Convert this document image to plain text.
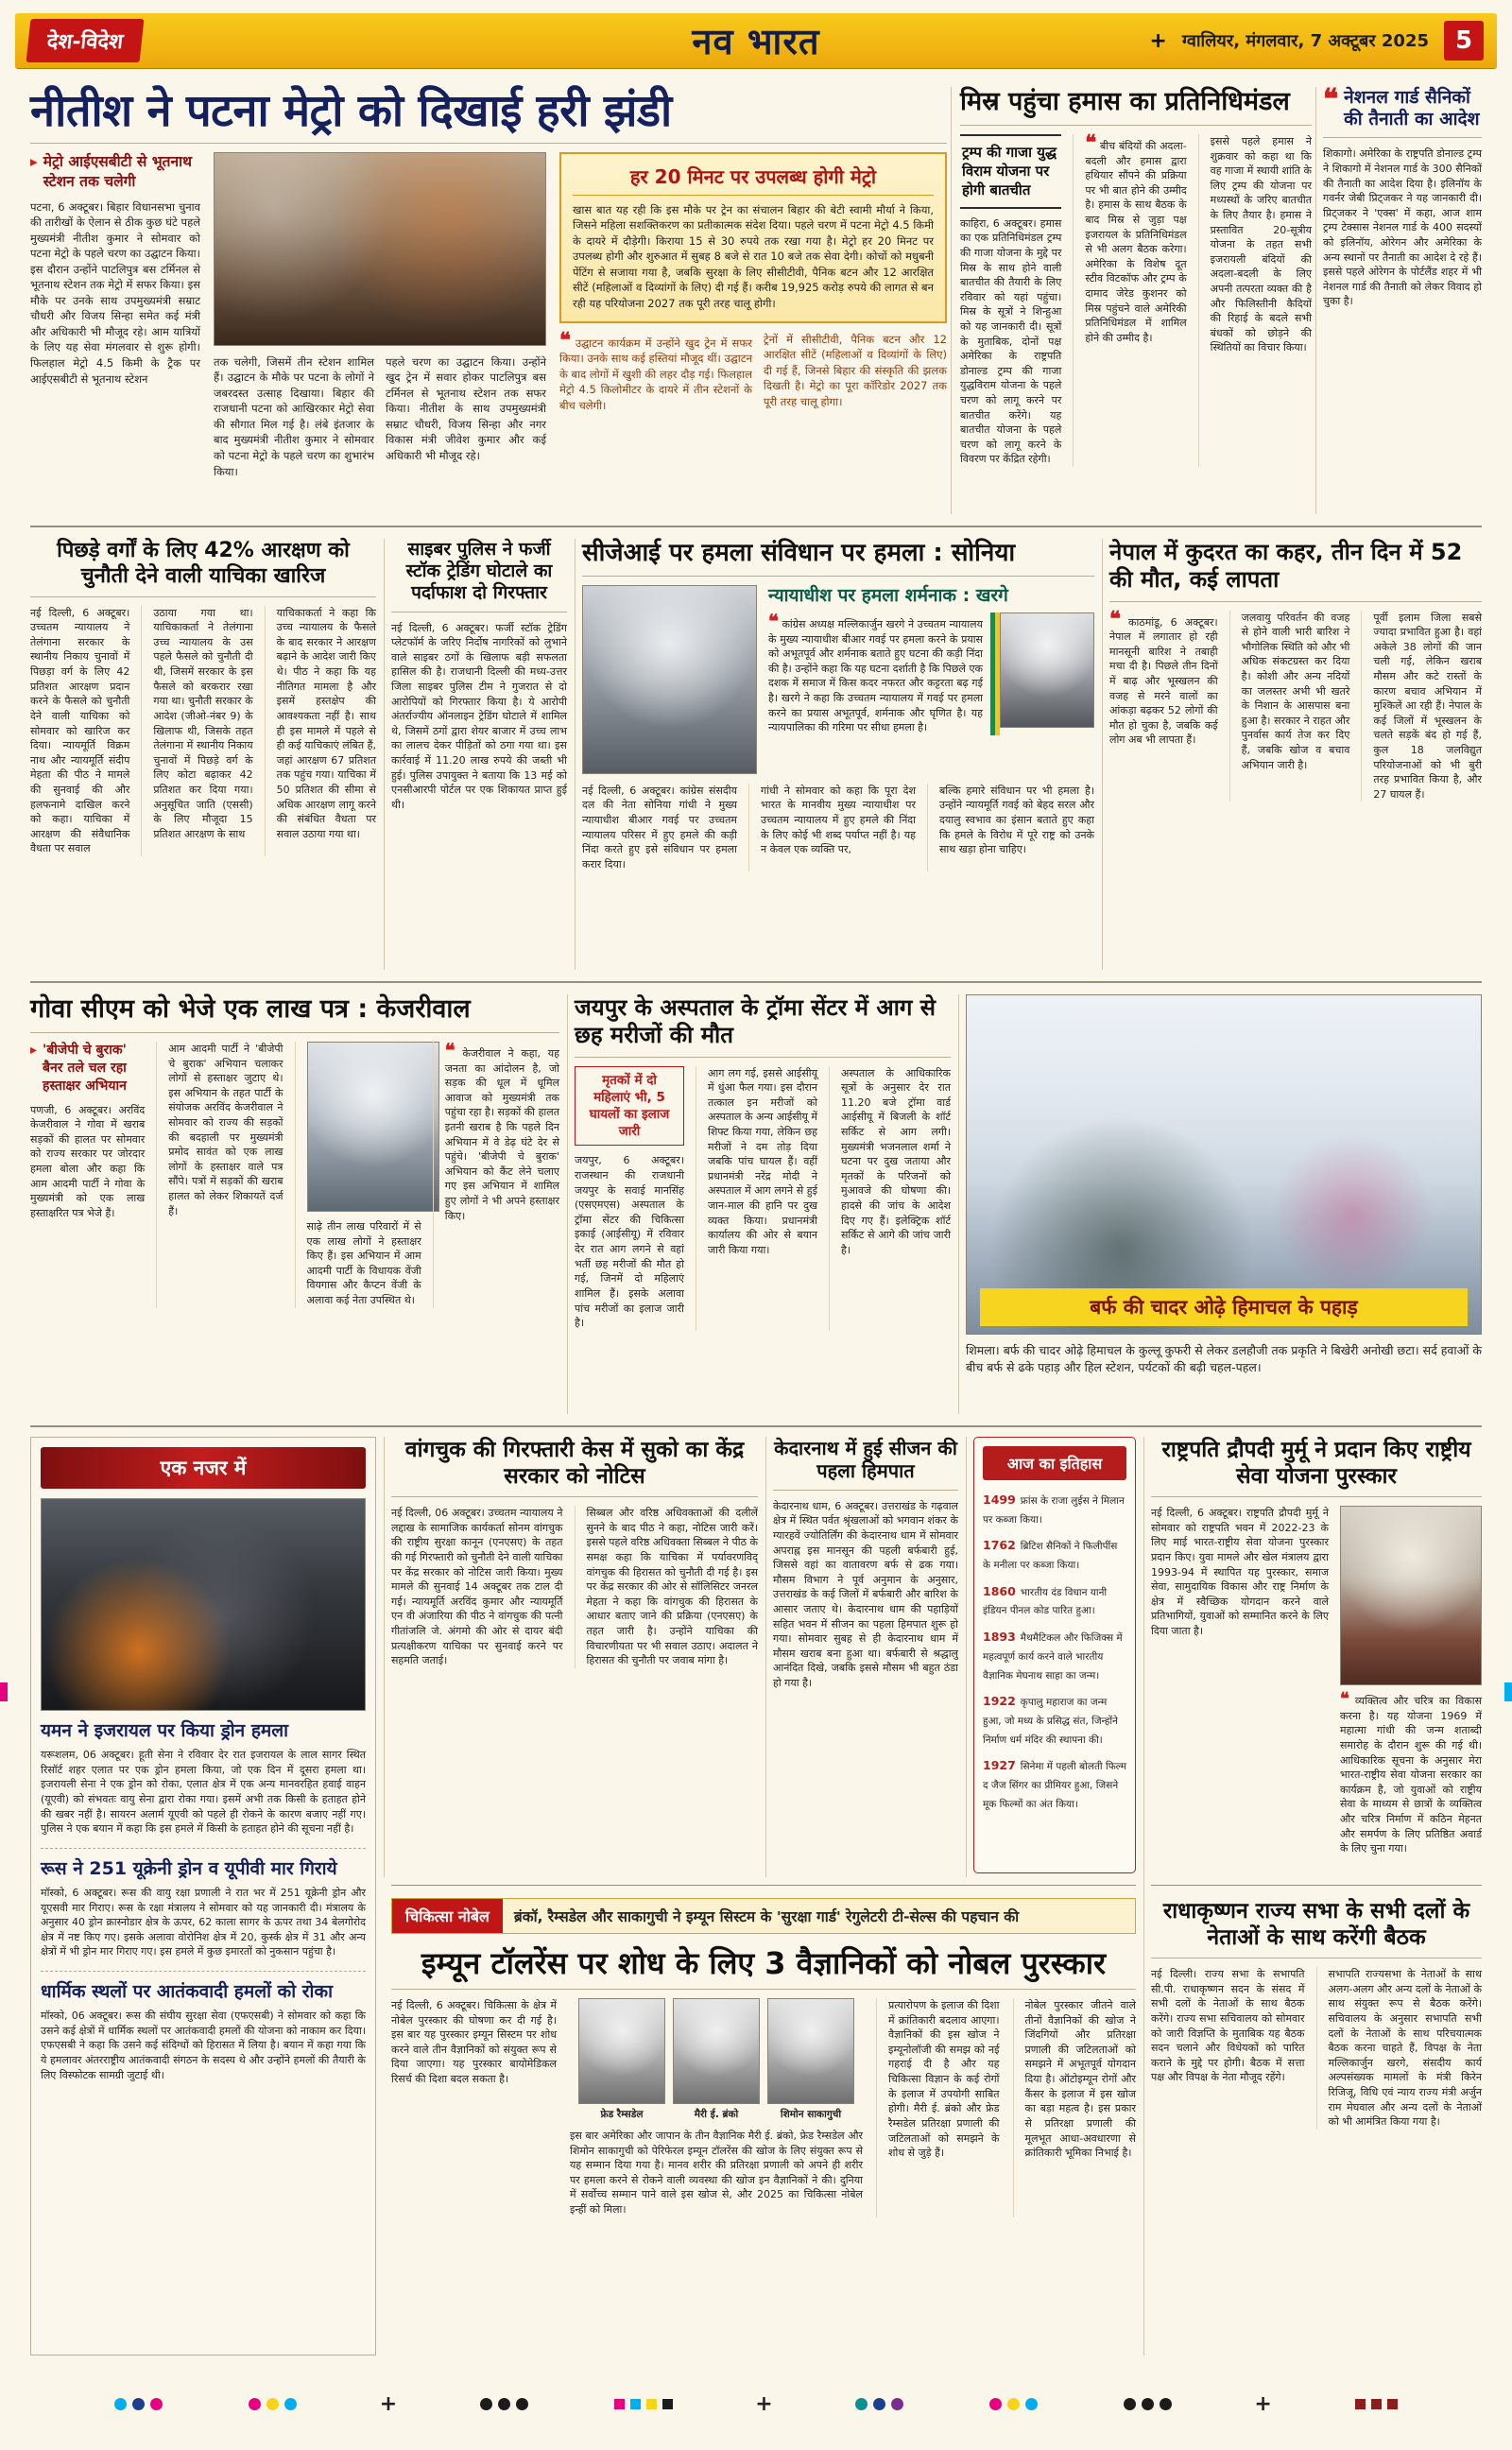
देश-विदेश	नव भारत	+ ग्वालियर, मंगलवार, 7 अक्टूबर 2025	5
नीतीश ने पटना मेट्रो को दिखाई हरी झंडी
▸ मेट्रो आईएसबीटी से भूतनाथ स्टेशन तक चलेगी

पटना, 6 अक्टूबर। बिहार विधानसभा चुनाव की तारीखों के ऐलान से ठीक कुछ घंटे पहले मुख्यमंत्री नीतीश कुमार ने सोमवार को पटना मेट्रो के पहले चरण का उद्घाटन किया। इस दौरान उन्होंने पाटलिपुत्र बस टर्मिनल से भूतनाथ स्टेशन तक मेट्रो में सफर किया। इस मौके पर उनके साथ उपमुख्यमंत्री सम्राट चौधरी और विजय सिन्हा समेत कई मंत्री और अधिकारी भी मौजूद रहे। आम यात्रियों के लिए यह सेवा मंगलवार से शुरू होगी। फिलहाल मेट्रो 4.5 किमी के ट्रैक पर आईएसबीटी से भूतनाथ स्टेशन

तक चलेगी, जिसमें तीन स्टेशन शामिल हैं। उद्घाटन के मौके पर पटना के लोगों ने जबरदस्त उत्साह दिखाया। बिहार की राजधानी पटना को आखिरकार मेट्रो सेवा की सौगात मिल गई है। लंबे इंतजार के बाद मुख्यमंत्री नीतीश कुमार ने सोमवार को पटना मेट्रो के पहले चरण का शुभारंभ किया।

पहले चरण का उद्घाटन किया। उन्होंने खुद ट्रेन में सवार होकर पाटलिपुत्र बस टर्मिनल से भूतनाथ स्टेशन तक सफर किया। नीतीश के साथ उपमुख्यमंत्री सम्राट चौधरी, विजय सिन्हा और नगर विकास मंत्री जीवेश कुमार और कई अधिकारी भी मौजूद रहे।

हर 20 मिनट पर उपलब्ध होगी मेट्रो

खास बात यह रही कि इस मौके पर ट्रेन का संचालन बिहार की बेटी स्वामी मौर्या ने किया, जिसने महिला सशक्तिकरण का प्रतीकात्मक संदेश दिया। पहले चरण में पटना मेट्रो 4.5 किमी के दायरे में दौड़ेगी। किराया 15 से 30 रुपये तक रखा गया है। मेट्रो हर 20 मिनट पर उपलब्ध होगी और शुरुआत में सुबह 8 बजे से रात 10 बजे तक सेवा देगी। कोचों को मधुबनी पेंटिंग से सजाया गया है, जबकि सुरक्षा के लिए सीसीटीवी, पैनिक बटन और 12 आरक्षित सीटें (महिलाओं व दिव्यांगों के लिए) दी गई हैं। करीब 19,925 करोड़ रुपये की लागत से बन रही यह परियोजना 2027 तक पूरी तरह चालू होगी।

❝ उद्घाटन कार्यक्रम में उन्होंने खुद ट्रेन में सफर किया। उनके साथ कई हस्तियां मौजूद थीं। उद्घाटन के बाद लोगों में खुशी की लहर दौड़ गई। फिलहाल मेट्रो 4.5 किलोमीटर के दायरे में तीन स्टेशनों के बीच चलेगी।

ट्रेनों में सीसीटीवी, पैनिक बटन और 12 आरक्षित सीटें (महिलाओं व दिव्यांगों के लिए) दी गई हैं, जिनसे बिहार की संस्कृति की झलक दिखती है। मेट्रो का पूरा कॉरिडोर 2027 तक पूरी तरह चालू होगा।

मिस्र पहुंचा हमास का प्रतिनिधिमंडल
ट्रम्प की गाजा युद्ध विराम योजना पर होगी बातचीत

काहिरा, 6 अक्टूबर। हमास का एक प्रतिनिधिमंडल ट्रम्प की गाजा योजना के मुद्दे पर मिस्र के साथ होने वाली बातचीत की तैयारी के लिए रविवार को यहां पहुंचा। मिस्र के सूत्रों ने शिन्हुआ को यह जानकारी दी। सूत्रों के मुताबिक, दोनों पक्ष अमेरिका के राष्ट्रपति डोनाल्ड ट्रम्प की गाजा युद्धविराम योजना के पहले चरण को लागू करने पर बातचीत करेंगे। यह बातचीत योजना के पहले चरण को लागू करने के विवरण पर केंद्रित रहेगी।

❝ बीच बंदियों की अदला-बदली और हमास द्वारा हथियार सौंपने की प्रक्रिया पर भी बात होने की उम्मीद है। हमास के साथ बैठक के बाद मिस्र से जुड़ा पक्ष इजरायल के प्रतिनिधिमंडल से भी अलग बैठक करेगा। अमेरिका के विशेष दूत स्टीव विटकॉफ और ट्रम्प के दामाद जेरेड कुशनर को मिस्र पहुंचने वाले अमेरिकी प्रतिनिधिमंडल में शामिल होने की उम्मीद है।

इससे पहले हमास ने शुक्रवार को कहा था कि वह गाजा में स्थायी शांति के लिए ट्रम्प की योजना पर मध्यस्थों के जरिए बातचीत के लिए तैयार है। हमास ने प्रस्तावित 20-सूत्रीय योजना के तहत सभी इजरायली बंदियों की अदला-बदली के लिए अपनी तत्परता व्यक्त की है और फिलिस्तीनी कैदियों की रिहाई के बदले सभी बंधकों को छोड़ने की स्थितियों का विचार किया।

❝ नेशनल गार्ड सैनिकों की तैनाती का आदेश

शिकागो। अमेरिका के राष्ट्रपति डोनाल्ड ट्रम्प ने शिकागो में नेशनल गार्ड के 300 सैनिकों की तैनाती का आदेश दिया है। इलिनॉय के गवर्नर जेबी प्रिट्जकर ने यह जानकारी दी। प्रिट्जकर ने 'एक्स' में कहा, आज शाम ट्रम्प टेक्सास नेशनल गार्ड के 400 सदस्यों को इलिनॉय, ओरेगन और अमेरिका के अन्य स्थानों पर तैनाती का आदेश दे रहे हैं। इससे पहले ओरेगन के पोर्टलैंड शहर में भी नेशनल गार्ड की तैनाती को लेकर विवाद हो चुका है।

पिछड़े वर्गों के लिए 42% आरक्षण को चुनौती देने वाली याचिका खारिज

नई दिल्ली, 6 अक्टूबर। उच्चतम न्यायालय ने तेलंगाना सरकार के स्थानीय निकाय चुनावों में पिछड़ा वर्ग के लिए 42 प्रतिशत आरक्षण प्रदान करने के फैसले को चुनौती देने वाली याचिका को सोमवार को खारिज कर दिया। न्यायमूर्ति विक्रम नाथ और न्यायमूर्ति संदीप मेहता की पीठ ने मामले की सुनवाई की और हलफनामे दाखिल करने को कहा। याचिका में आरक्षण की संवैधानिक वैधता पर सवाल

उठाया गया था। याचिकाकर्ता ने तेलंगाना उच्च न्यायालय के उस पहले फैसले को चुनौती दी थी, जिसमें सरकार के इस फैसले को बरकरार रखा गया था। चुनौती सरकार के आदेश (जीओ-नंबर 9) के खिलाफ थी, जिसके तहत तेलंगाना में स्थानीय निकाय चुनावों में पिछड़े वर्ग के लिए कोटा बढ़ाकर 42 प्रतिशत कर दिया गया। अनुसूचित जाति (एससी) के लिए मौजूदा 15 प्रतिशत आरक्षण के साथ

याचिकाकर्ता ने कहा कि उच्च न्यायालय के फैसले के बाद सरकार ने आरक्षण बढ़ाने के आदेश जारी किए थे। पीठ ने कहा कि यह नीतिगत मामला है और इसमें हस्तक्षेप की आवश्यकता नहीं है। साथ ही इस मामले में पहले से ही कई याचिकाएं लंबित हैं, जहां आरक्षण 67 प्रतिशत तक पहुंच गया। याचिका में 50 प्रतिशत की सीमा से अधिक आरक्षण लागू करने की संबंधित वैधता पर सवाल उठाया गया था।

साइबर पुलिस ने फर्जी स्टॉक ट्रेडिंग घोटाले का पर्दाफाश दो गिरफ्तार

नई दिल्ली, 6 अक्टूबर। फर्जी स्टॉक ट्रेडिंग प्लेटफॉर्म के जरिए निर्दोष नागरिकों को लुभाने वाले साइबर ठगों के खिलाफ बड़ी सफलता हासिल की है। राजधानी दिल्ली की मध्य-उत्तर जिला साइबर पुलिस टीम ने गुजरात से दो आरोपियों को गिरफ्तार किया है। ये आरोपी अंतर्राज्यीय ऑनलाइन ट्रेडिंग घोटाले में शामिल थे, जिसमें ठगों द्वारा शेयर बाजार में उच्च लाभ का लालच देकर पीड़ितों को ठगा गया था। इस कार्रवाई में 11.20 लाख रुपये की जब्ती भी हुई। पुलिस उपायुक्त ने बताया कि 13 मई को एनसीआरपी पोर्टल पर एक शिकायत प्राप्त हुई थी।

सीजेआई पर हमला संविधान पर हमला : सोनिया
न्यायाधीश पर हमला शर्मनाक : खरगे

❝ कांग्रेस अध्यक्ष मल्लिकार्जुन खरगे ने उच्चतम न्यायालय के मुख्य न्यायाधीश बीआर गवई पर हमला करने के प्रयास को अभूतपूर्व और शर्मनाक बताते हुए घटना की कड़ी निंदा की है। उन्होंने कहा कि यह घटना दर्शाती है कि पिछले एक दशक में समाज में किस कदर नफरत और कट्टरता बढ़ गई है। खरगे ने कहा कि उच्चतम न्यायालय में गवई पर हमला करने का प्रयास अभूतपूर्व, शर्मनाक और घृणित है। यह न्यायपालिका की गरिमा पर सीधा हमला है।

नई दिल्ली, 6 अक्टूबर। कांग्रेस संसदीय दल की नेता सोनिया गांधी ने मुख्य न्यायाधीश बीआर गवई पर उच्चतम न्यायालय परिसर में हुए हमले की कड़ी निंदा करते हुए इसे संविधान पर हमला करार दिया।

गांधी ने सोमवार को कहा कि पूरा देश भारत के मानवीय मुख्य न्यायाधीश पर उच्चतम न्यायालय में हुए हमले की निंदा के लिए कोई भी शब्द पर्याप्त नहीं है। यह न केवल एक व्यक्ति पर,

बल्कि हमारे संविधान पर भी हमला है। उन्होंने न्यायमूर्ति गवई को बेहद सरल और दयालु स्वभाव का इंसान बताते हुए कहा कि हमले के विरोध में पूरे राष्ट्र को उनके साथ खड़ा होना चाहिए।

नेपाल में कुदरत का कहर, तीन दिन में 52 की मौत, कई लापता

❝ काठमांडू, 6 अक्टूबर। नेपाल में लगातार हो रही मानसूनी बारिश ने तबाही मचा दी है। पिछले तीन दिनों में बाढ़ और भूस्खलन की वजह से मरने वालों का आंकड़ा बढ़कर 52 लोगों की मौत हो चुका है, जबकि कई लोग अब भी लापता हैं।

जलवायु परिवर्तन की वजह से होने वाली भारी बारिश ने भौगोलिक स्थिति को और भी अधिक संकटग्रस्त कर दिया है। कोशी और अन्य नदियों का जलस्तर अभी भी खतरे के निशान के आसपास बना हुआ है। सरकार ने राहत और पुनर्वास कार्य तेज कर दिए हैं, जबकि खोज व बचाव अभियान जारी है।

पूर्वी इलाम जिला सबसे ज्यादा प्रभावित हुआ है। वहां अकेले 38 लोगों की जान चली गई, लेकिन खराब मौसम और कटे रास्तों के कारण बचाव अभियान में मुश्किलें आ रही हैं। नेपाल के कई जिलों में भूस्खलन के चलते सड़कें बंद हो गई हैं, कुल 18 जलविद्युत परियोजनाओं को भी बुरी तरह प्रभावित किया है, और 27 घायल हैं।

गोवा सीएम को भेजे एक लाख पत्र : केजरीवाल
▸ 'बीजेपी चे बुराक' बैनर तले चल रहा हस्ताक्षर अभियान

पणजी, 6 अक्टूबर। अरविंद केजरीवाल ने गोवा में खराब सड़कों की हालत पर सोमवार को राज्य सरकार पर जोरदार हमला बोला और कहा कि आम आदमी पार्टी ने गोवा के मुख्यमंत्री को एक लाख हस्ताक्षरित पत्र भेजे हैं।

आम आदमी पार्टी ने 'बीजेपी चे बुराक' अभियान चलाकर लोगों से हस्ताक्षर जुटाए थे। इस अभियान के तहत पार्टी के संयोजक अरविंद केजरीवाल ने सोमवार को राज्य की सड़कों की बदहाली पर मुख्यमंत्री प्रमोद सावंत को एक लाख लोगों के हस्ताक्षर वाले पत्र सौंपे। पत्रों में सड़कों की खराब हालत को लेकर शिकायतें दर्ज हैं।

साढ़े तीन लाख परिवारों में से एक लाख लोगों ने हस्ताक्षर किए हैं। इस अभियान में आम आदमी पार्टी के विधायक वेंजी वियगास और कैप्टन वेंजी के अलावा कई नेता उपस्थित थे।

❝ केजरीवाल ने कहा, यह जनता का आंदोलन है, जो सड़क की धूल में धूमिल आवाज को मुख्यमंत्री तक पहुंचा रहा है। सड़कों की हालत इतनी खराब है कि पहले दिन अभियान में वे डेढ़ घंटे देर से पहुंचे। 'बीजेपी चे बुराक' अभियान को कैंट लेने चलाए गए इस अभियान में शामिल हुए लोगों ने भी अपने हस्ताक्षर किए।

जयपुर के अस्पताल के ट्रॉमा सेंटर में आग से छह मरीजों की मौत
मृतकों में दो महिलाएं भी, 5 घायलों का इलाज जारी

जयपुर, 6 अक्टूबर। राजस्थान की राजधानी जयपुर के सवाई मानसिंह (एसएमएस) अस्पताल के ट्रॉमा सेंटर की चिकित्सा इकाई (आईसीयू) में रविवार देर रात आग लगने से वहां भर्ती छह मरीजों की मौत हो गई, जिनमें दो महिलाएं शामिल हैं। इसके अलावा पांच मरीजों का इलाज जारी है।

आग लग गई, इससे आईसीयू में धुंआ फैल गया। इस दौरान तत्काल इन मरीजों को अस्पताल के अन्य आईसीयू में शिफ्ट किया गया, लेकिन छह मरीजों ने दम तोड़ दिया जबकि पांच घायल हैं। वहीं प्रधानमंत्री नरेंद्र मोदी ने अस्पताल में आग लगने से हुई जान-माल की हानि पर दुख व्यक्त किया। प्रधानमंत्री कार्यालय की ओर से बयान जारी किया गया।

अस्पताल के आधिकारिक सूत्रों के अनुसार देर रात 11.20 बजे ट्रॉमा वार्ड आईसीयू में बिजली के शॉर्ट सर्किट से आग लगी। मुख्यमंत्री भजनलाल शर्मा ने घटना पर दुख जताया और मृतकों के परिजनों को मुआवजे की घोषणा की। हादसे की जांच के आदेश दिए गए हैं। इलेक्ट्रिक शॉर्ट सर्किट से आगे की जांच जारी है।

बर्फ की चादर ओढ़े हिमाचल के पहाड़

शिमला। बर्फ की चादर ओढ़े हिमाचल के कुल्लू कुफरी से लेकर डलहौजी तक प्रकृति ने बिखेरी अनोखी छटा। सर्द हवाओं के बीच बर्फ से ढके पहाड़ और हिल स्टेशन, पर्यटकों की बढ़ी चहल-पहल।

एक नजर में
यमन ने इजरायल पर किया ड्रोन हमला

यरूशलम, 06 अक्टूबर। हूती सेना ने रविवार देर रात इजरायल के लाल सागर स्थित रिसॉर्ट शहर एलात पर एक ड्रोन हमला किया, जो एक दिन में दूसरा हमला था। इजरायली सेना ने एक ड्रोन को रोका, एलात क्षेत्र में एक अन्य मानवरहित हवाई वाहन (यूएवी) को संभवतः वायु सेना द्वारा रोका गया। इसमें अभी तक किसी के हताहत होने की खबर नहीं है। सायरन अलार्म यूएवी को पहले ही रोकने के कारण बजाए नहीं गए। पुलिस ने एक बयान में कहा कि इस हमले में किसी के हताहत होने की सूचना नहीं है।

रूस ने 251 यूक्रेनी ड्रोन व यूपीवी मार गिराये

मॉस्को, 6 अक्टूबर। रूस की वायु रक्षा प्रणाली ने रात भर में 251 यूक्रेनी ड्रोन और यूएसवी मार गिराए। रूस के रक्षा मंत्रालय ने सोमवार को यह जानकारी दी। मंत्रालय के अनुसार 40 ड्रोन क्रास्नोडार क्षेत्र के ऊपर, 62 काला सागर के ऊपर तथा 34 बेलगोरोद क्षेत्र में नष्ट किए गए। इसके अलावा वोरोनिश क्षेत्र में 20, कुर्स्क क्षेत्र में 31 और अन्य क्षेत्रों में भी ड्रोन मार गिराए गए। इस हमले में कुछ इमारतों को नुकसान पहुंचा है।

धार्मिक स्थलों पर आतंकवादी हमलों को रोका

मॉस्को, 06 अक्टूबर। रूस की संघीय सुरक्षा सेवा (एफएसबी) ने सोमवार को कहा कि उसने कई क्षेत्रों में धार्मिक स्थलों पर आतंकवादी हमलों की योजना को नाकाम कर दिया। एफएसबी ने कहा कि उसने कई संदिग्धों को हिरासत में लिया है। बयान में कहा गया कि ये हमलावर अंतरराष्ट्रीय आतंकवादी संगठन के सदस्य थे और उन्होंने हमलों की तैयारी के लिए विस्फोटक सामग्री जुटाई थी।

वांगचुक की गिरफ्तारी केस में सुको का केंद्र सरकार को नोटिस

नई दिल्ली, 06 अक्टूबर। उच्चतम न्यायालय ने लद्दाख के सामाजिक कार्यकर्ता सोनम वांगचुक की राष्ट्रीय सुरक्षा कानून (एनएसए) के तहत की गई गिरफ्तारी को चुनौती देने वाली याचिका पर केंद्र सरकार को नोटिस जारी किया। मुख्य मामले की सुनवाई 14 अक्टूबर तक टाल दी गई। न्यायमूर्ति अरविंद कुमार और न्यायमूर्ति एन वी अंजारिया की पीठ ने वांगचुक की पत्नी गीतांजलि जे. अंगमो की ओर से दायर बंदी प्रत्यक्षीकरण याचिका पर सुनवाई करने पर सहमति जताई।

सिब्बल और वरिष्ठ अधिवक्ताओं की दलीलें सुनने के बाद पीठ ने कहा, नोटिस जारी करें। इससे पहले वरिष्ठ अधिवक्ता सिब्बल ने पीठ के समक्ष कहा कि याचिका में पर्यावरणविद् वांगचुक की हिरासत को चुनौती दी गई है। इस पर केंद्र सरकार की ओर से सॉलिसिटर जनरल मेहता ने कहा कि वांगचुक की हिरासत के आधार बताए जाने की प्रक्रिया (एनएसए) के तहत जारी है। उन्होंने याचिका की विचारणीयता पर भी सवाल उठाए। अदालत ने हिरासत की चुनौती पर जवाब मांगा है।

केदारनाथ में हुई सीजन की पहला हिमपात

केदारनाथ धाम, 6 अक्टूबर। उत्तराखंड के गढ़वाल क्षेत्र में स्थित पर्वत श्रृंखलाओं को भगवान शंकर के ग्यारहवें ज्योतिर्लिंग की केदारनाथ धाम में सोमवार अपराह्न इस मानसून की पहली बर्फबारी हुई, जिससे वहां का वातावरण बर्फ से ढक गया। मौसम विभाग ने पूर्व अनुमान के अनुसार, उत्तराखंड के कई जिलों में बर्फबारी और बारिश के आसार जताए थे। केदारनाथ धाम की पहाड़ियों सहित भवन में सीजन का पहला हिमपात शुरू हो गया। सोमवार सुबह से ही केदारनाथ धाम में मौसम खराब बना हुआ था। बर्फबारी से श्रद्धालु आनंदित दिखे, जबकि इससे मौसम भी बहुत ठंडा हो गया है।

आज का इतिहास
1499 फ्रांस के राजा लुईस ने मिलान पर कब्जा किया।
1762 ब्रिटिश सैनिकों ने फिलीपींस के मनीला पर कब्जा किया।
1860 भारतीय दंड विधान यानी इंडियन पीनल कोड पारित हुआ।
1893 मैथमैटिकल और फिजिक्स में महत्वपूर्ण कार्य करने वाले भारतीय वैज्ञानिक मेघनाथ साहा का जन्म।
1922 कृपालु महाराज का जन्म हुआ, जो मध्य के प्रसिद्ध संत, जिन्होंने निर्माण धर्म मंदिर की स्थापना की।
1927 सिनेमा में पहली बोलती फिल्म द जैज सिंगर का प्रीमियर हुआ, जिसने मूक फिल्मों का अंत किया।
राष्ट्रपति द्रौपदी मुर्मू ने प्रदान किए राष्ट्रीय सेवा योजना पुरस्कार

नई दिल्ली, 6 अक्टूबर। राष्ट्रपति द्रौपदी मुर्मू ने सोमवार को राष्ट्रपति भवन में 2022-23 के लिए माई भारत-राष्ट्रीय सेवा योजना पुरस्कार प्रदान किए। युवा मामले और खेल मंत्रालय द्वारा 1993-94 में स्थापित यह पुरस्कार, समाज सेवा, सामुदायिक विकास और राष्ट्र निर्माण के क्षेत्र में स्वैच्छिक योगदान करने वाले प्रतिभागियों, युवाओं को सम्मानित करने के लिए दिया जाता है।

❝ व्यक्तित्व और चरित्र का विकास करना है। यह योजना 1969 में महात्मा गांधी की जन्म शताब्दी समारोह के दौरान शुरू की गई थी। आधिकारिक सूचना के अनुसार मेरा भारत-राष्ट्रीय सेवा योजना सरकार का कार्यक्रम है, जो युवाओं को राष्ट्रीय सेवा के माध्यम से छात्रों के व्यक्तित्व और चरित्र निर्माण में कठिन मेहनत और समर्पण के लिए प्रतिष्ठित अवार्ड के लिए चुना गया।

चिकित्सा नोबेल	ब्रंकॉ, रैम्सडेल और साकागुची ने इम्यून सिस्टम के 'सुरक्षा गार्ड' रेगुलेटरी टी-सेल्स की पहचान की
इम्यून टॉलरेंस पर शोध के लिए 3 वैज्ञानिकों को नोबल पुरस्कार

नई दिल्ली, 6 अक्टूबर। चिकित्सा के क्षेत्र में नोबेल पुरस्कार की घोषणा कर दी गई है। इस बार यह पुरस्कार इम्यून सिस्टम पर शोध करने वाले तीन वैज्ञानिकों को संयुक्त रूप से दिया जाएगा। यह पुरस्कार बायोमेडिकल रिसर्च की दिशा बदल सकता है।

फ्रेड रैम्सडेल	मैरी ई. ब्रंको	शिमोन साकागुची

इस बार अमेरिका और जापान के तीन वैज्ञानिक मैरी ई. ब्रंको, फ्रेड रैम्सडेल और शिमोन साकागुची को पेरिफेरल इम्यून टॉलरेंस की खोज के लिए संयुक्त रूप से यह सम्मान दिया गया है। मानव शरीर की प्रतिरक्षा प्रणाली को अपने ही शरीर पर हमला करने से रोकने वाली व्यवस्था की खोज इन वैज्ञानिकों ने की। दुनिया में सर्वोच्च सम्मान पाने वाले इस खोज से, और 2025 का चिकित्सा नोबेल इन्हीं को मिला।

प्रत्यारोपण के इलाज की दिशा में क्रांतिकारी बदलाव आएगा। वैज्ञानिकों की इस खोज ने इम्यूनोलॉजी की समझ को नई गहराई दी है और यह चिकित्सा विज्ञान के कई रोगों के इलाज में उपयोगी साबित होगी। मैरी ई. ब्रंको और फ्रेड रैम्सडेल प्रतिरक्षा प्रणाली की जटिलताओं को समझने के शोध से जुड़े हैं।

नोबेल पुरस्कार जीतने वाले तीनों वैज्ञानिकों की खोज ने जिंदगियों और प्रतिरक्षा प्रणाली की जटिलताओं को समझने में अभूतपूर्व योगदान दिया है। ऑटोइम्यून रोगों और कैंसर के इलाज में इस खोज का बड़ा महत्व है। इस प्रकार से प्रतिरक्षा प्रणाली की मूलभूत आधा-अवधारणा से क्रांतिकारी भूमिका निभाई है।

राधाकृष्णन राज्य सभा के सभी दलों के नेताओं के साथ करेंगी बैठक

नई दिल्ली। राज्य सभा के सभापति सी.पी. राधाकृष्णन सदन के संसद में सभी दलों के नेताओं के साथ बैठक करेंगे। राज्य सभा सचिवालय को सोमवार को जारी विज्ञप्ति के मुताबिक यह बैठक सदन चलाने और विधेयकों को पारित कराने के मुद्दे पर होगी। बैठक में सत्ता पक्ष और विपक्ष के नेता मौजूद रहेंगे।

सभापति राज्यसभा के नेताओं के साथ अलग-अलग और अन्य दलों के नेताओं के साथ संयुक्त रूप से बैठक करेंगे। सचिवालय के अनुसार सभापति सभी दलों के नेताओं के साथ परिचयात्मक बैठक करना चाहते हैं, विपक्ष के नेता मल्लिकार्जुन खरगे, संसदीय कार्य अल्पसंख्यक मामलों के मंत्री किरेन रिजिजू, विधि एवं न्याय राज्य मंत्री अर्जुन राम मेघवाल और अन्य दलों के नेताओं को भी आमंत्रित किया गया है।

+	+	+
